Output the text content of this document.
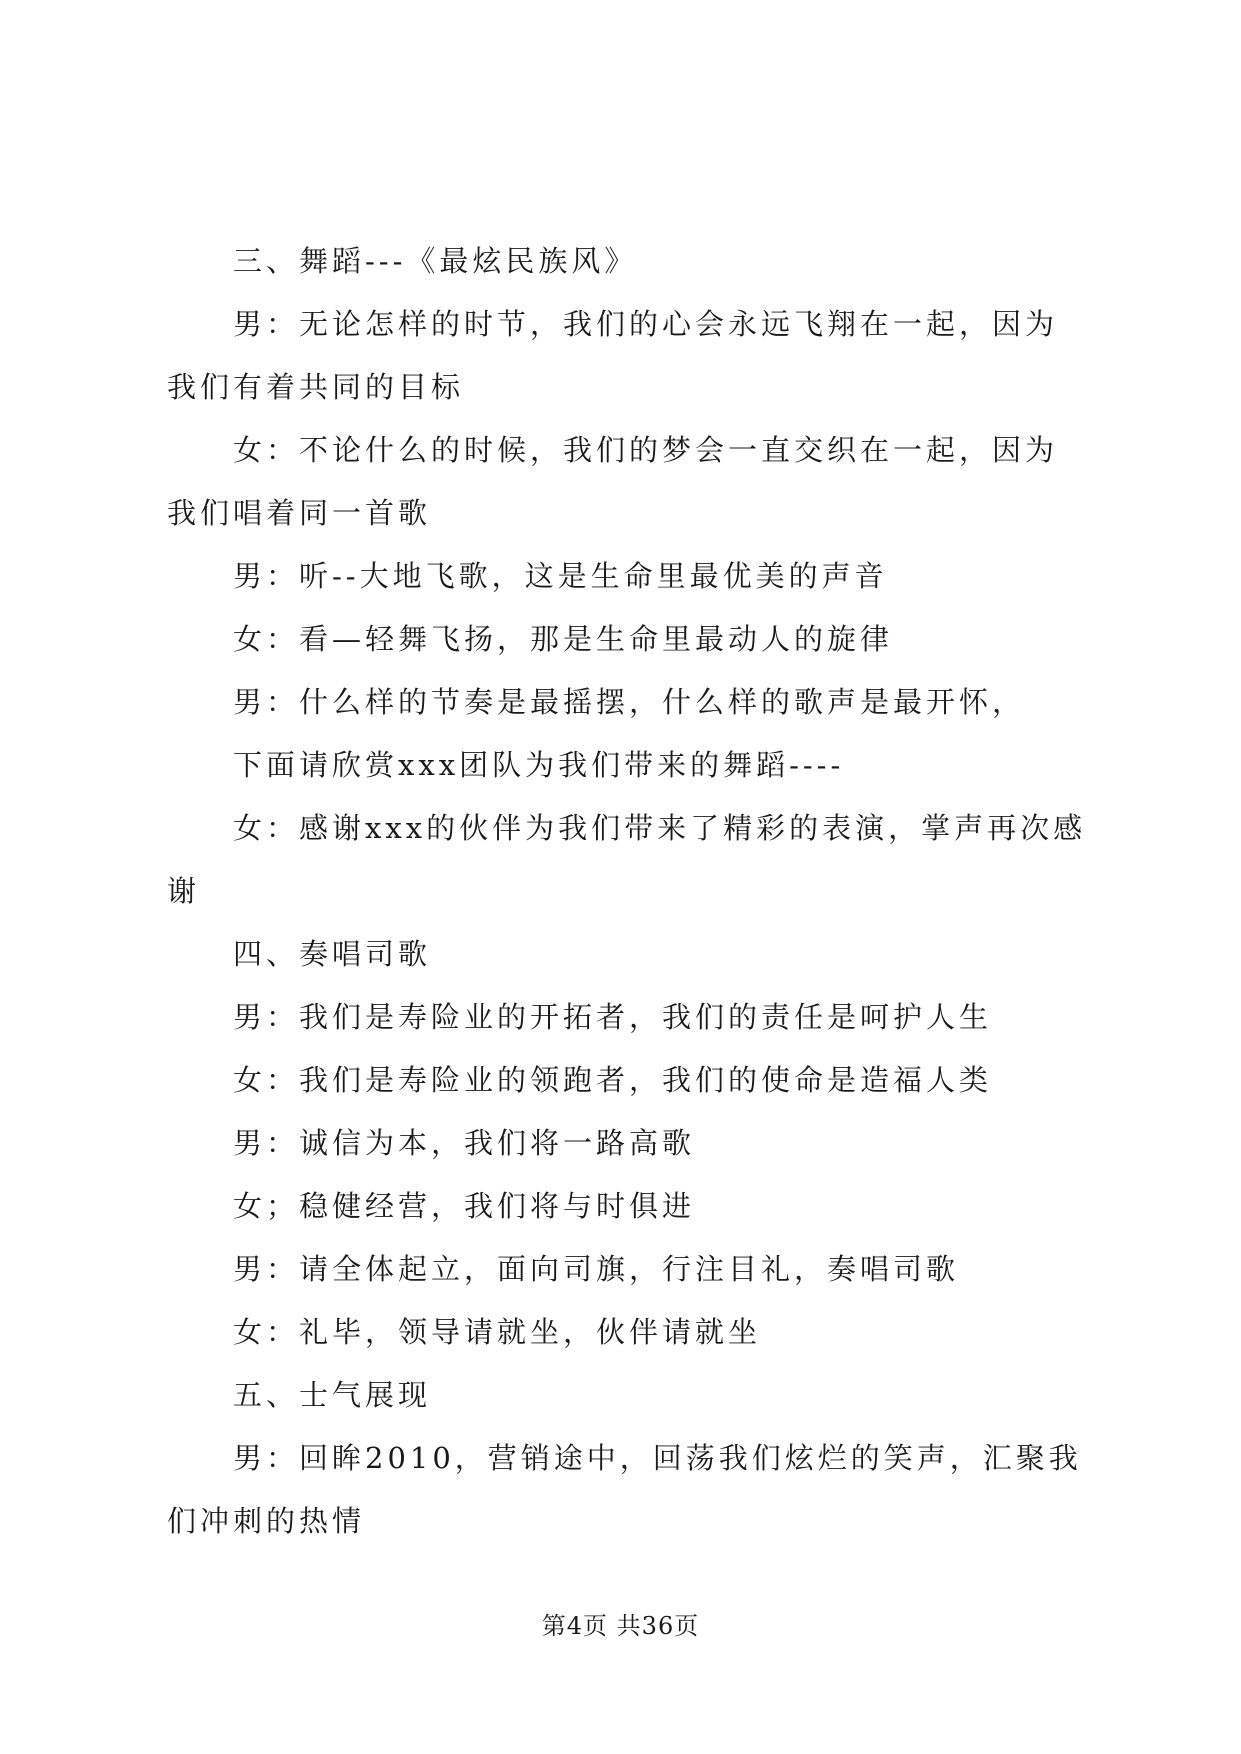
三、舞蹈---《最炫民族风》

男：无论怎样的时节，我们的心会永远飞翔在一起，因为我们有着共同的目标

女：不论什么的时候，我们的梦会一直交织在一起，因为我们唱着同一首歌

男：听--大地飞歌，这是生命里最优美的声音

女：看—轻舞飞扬，那是生命里最动人的旋律

男：什么样的节奏是最摇摆，什么样的歌声是最开怀，

下面请欣赏xxx团队为我们带来的舞蹈----

女：感谢xxx的伙伴为我们带来了精彩的表演，掌声再次感谢

四、奏唱司歌

男：我们是寿险业的开拓者，我们的责任是呵护人生

女：我们是寿险业的领跑者，我们的使命是造福人类

男：诚信为本，我们将一路高歌

女；稳健经营，我们将与时俱进

男：请全体起立，面向司旗，行注目礼，奏唱司歌

女：礼毕，领导请就坐，伙伴请就坐

五、士气展现

男：回眸2010，营销途中，回荡我们炫烂的笑声，汇聚我们冲刺的热情

第4页 共36页
